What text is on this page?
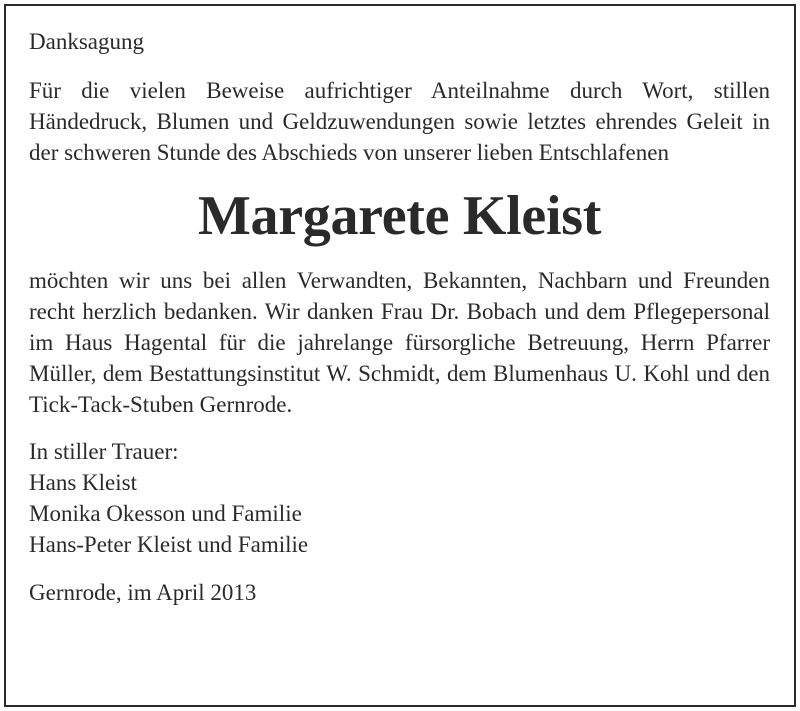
Danksagung

Für die vielen Beweise aufrichtiger Anteilnahme durch Wort, stillen Händedruck, Blumen und Geldzuwendungen sowie letztes ehrendes Geleit in der schweren Stunde des Abschieds von unserer lieben Entschlafenen

Margarete Kleist

möchten wir uns bei allen Verwandten, Bekannten, Nachbarn und Freunden recht herzlich bedanken. Wir danken Frau Dr. Bobach und dem Pflegepersonal im Haus Hagental für die jahrelange fürsorgliche Betreuung, Herrn Pfarrer Müller, dem Bestattungsinstitut W. Schmidt, dem Blumenhaus U. Kohl und den Tick-Tack-Stuben Gernrode.

In stiller Trauer:
Hans Kleist
Monika Okesson und Familie
Hans-Peter Kleist und Familie
Gernrode, im April 2013
